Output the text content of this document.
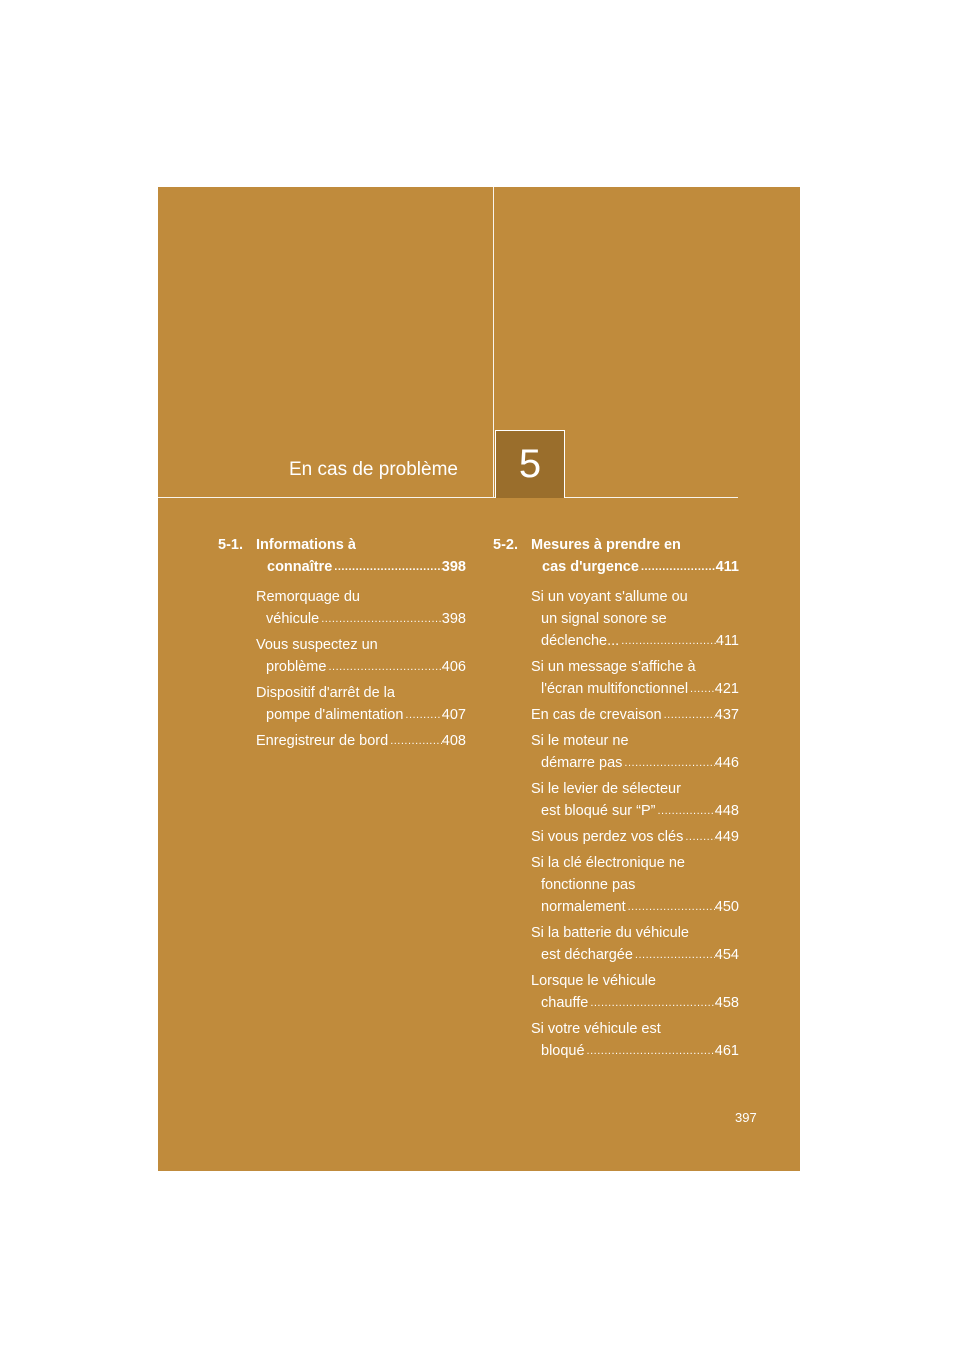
En cas de problème 5
5-1. Informations à
connaître .....	398
Remorquage du
véhicule .....	398
Vous suspectez un
problème .....	406
Dispositif d'arrêt de la
pompe d'alimentation .....	407
Enregistreur de bord .....	408
5-2. Mesures à prendre en
cas d'urgence .....	411
Si un voyant s'allume ou
un signal sonore se
déclenche... .....	411
Si un message s'affiche à
l'écran multifonctionnel ..... 421
En cas de crevaison .....	437
Si le moteur ne
démarre pas .....	446
Si le levier de sélecteur
est bloqué sur “P” .....	448
Si vous perdez vos clés ..... 449
Si la clé électronique ne
fonctionne pas
normalement .....	450
Si la batterie du véhicule
est déchargée .....	454
Lorsque le véhicule
chauffe .....	458
Si votre véhicule est
bloqué .....	461
397
